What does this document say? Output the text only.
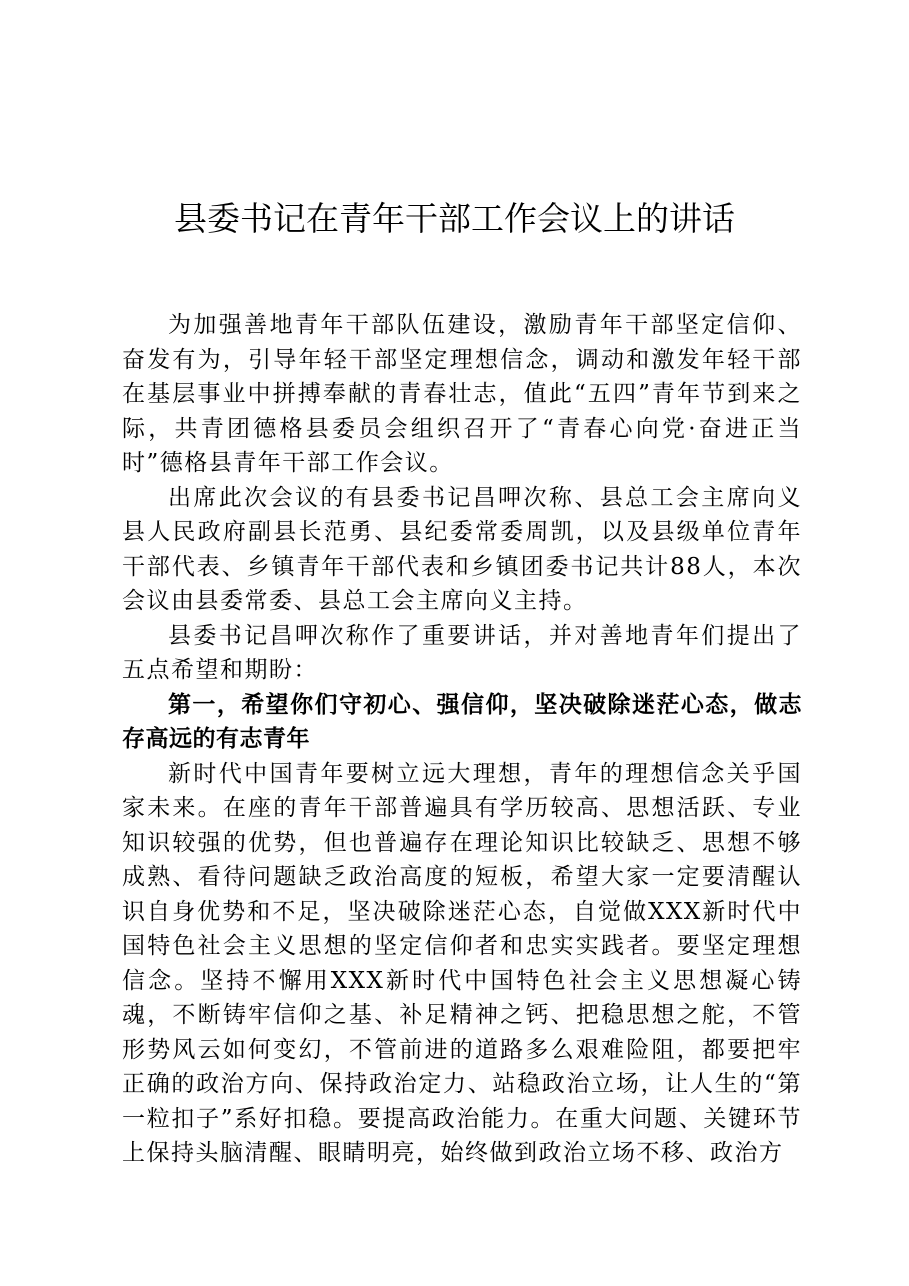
县委书记在青年干部工作会议上的讲话

为加强善地青年干部队伍建设，激励青年干部坚定信仰、奋发有为，引导年轻干部坚定理想信念，调动和激发年轻干部在基层事业中拼搏奉献的青春壮志，值此“五四”青年节到来之际，共青团德格县委员会组织召开了“青春心向党·奋进正当时”德格县青年干部工作会议。

出席此次会议的有县委书记昌呷次称、县总工会主席向义县人民政府副县长范勇、县纪委常委周凯，以及县级单位青年干部代表、乡镇青年干部代表和乡镇团委书记共计88人，本次会议由县委常委、县总工会主席向义主持。

县委书记昌呷次称作了重要讲话，并对善地青年们提出了五点希望和期盼：

第一，希望你们守初心、强信仰，坚决破除迷茫心态，做志存高远的有志青年

新时代中国青年要树立远大理想，青年的理想信念关乎国家未来。在座的青年干部普遍具有学历较高、思想活跃、专业知识较强的优势，但也普遍存在理论知识比较缺乏、思想不够成熟、看待问题缺乏政治高度的短板，希望大家一定要清醒认识自身优势和不足，坚决破除迷茫心态，自觉做XXX新时代中国特色社会主义思想的坚定信仰者和忠实实践者。要坚定理想信念。坚持不懈用XXX新时代中国特色社会主义思想凝心铸魂，不断铸牢信仰之基、补足精神之钙、把稳思想之舵，不管形势风云如何变幻，不管前进的道路多么艰难险阻，都要把牢正确的政治方向、保持政治定力、站稳政治立场，让人生的“第一粒扣子”系好扣稳。要提高政治能力。在重大问题、关键环节上保持头脑清醒、眼睛明亮，始终做到政治立场不移、政治方
